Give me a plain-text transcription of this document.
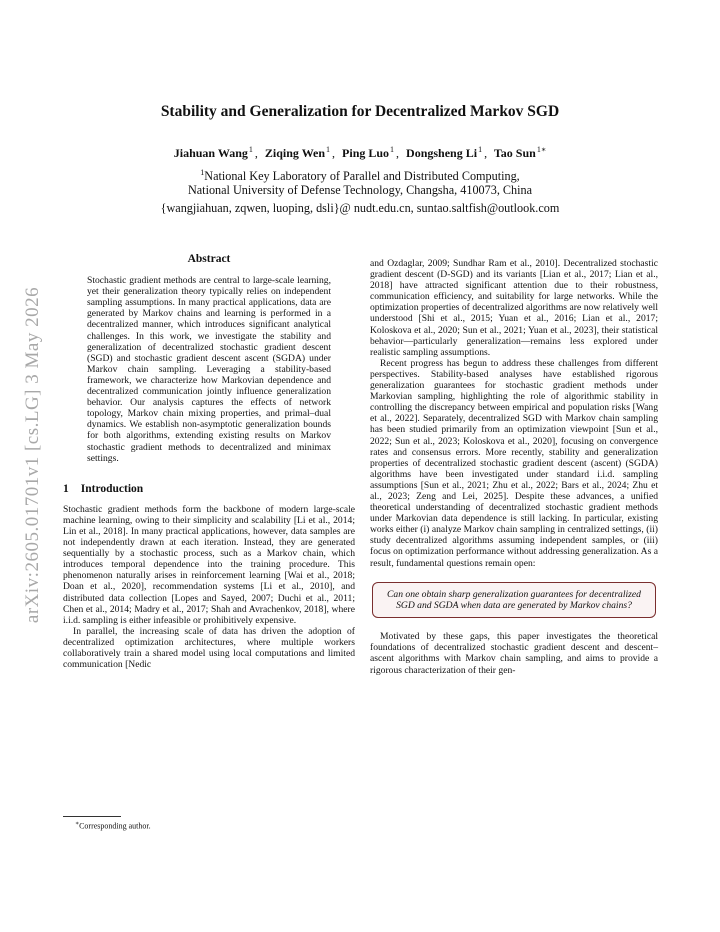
arXiv:2605.01701v1 [cs.LG] 3 May 2026
Stability and Generalization for Decentralized Markov SGD
Jiahuan Wang$^1$ , Ziqing Wen$^1$ , Ping Luo$^1$ , Dongsheng Li$^1$ , Tao Sun$^{1∗}$
$^1$National Key Laboratory of Parallel and Distributed Computing,
National University of Defense Technology, Changsha, 410073, China
{wangjiahuan, zqwen, luoping, dsli}@ nudt.edu.cn, suntao.saltfish@outlook.com
Abstract

Stochastic gradient methods are central to large-scale learning, yet their generalization theory typically relies on independent sampling assumptions. In many practical applications, data are generated by Markov chains and learning is performed in a decentralized manner, which introduces significant analytical challenges. In this work, we investigate the stability and generalization of decentralized stochastic gradient descent (SGD) and stochastic gradient descent ascent (SGDA) under Markov chain sampling. Leveraging a stability-based framework, we characterize how Markovian dependence and decentralized communication jointly influence generalization behavior. Our analysis captures the effects of network topology, Markov chain mixing properties, and primal–dual dynamics. We establish non-asymptotic generalization bounds for both algorithms, extending existing results on Markov stochastic gradient methods to decentralized and minimax settings.

1 Introduction

Stochastic gradient methods form the backbone of modern large-scale machine learning, owing to their simplicity and scalability [Li et al., 2014; Lin et al., 2018]. In many practical applications, however, data samples are not independently drawn at each iteration. Instead, they are generated sequentially by a stochastic process, such as a Markov chain, which introduces temporal dependence into the training procedure. This phenomenon naturally arises in reinforcement learning [Wai et al., 2018; Doan et al., 2020], recommendation systems [Li et al., 2010], and distributed data collection [Lopes and Sayed, 2007; Duchi et al., 2011; Chen et al., 2014; Madry et al., 2017; Shah and Avrachenkov, 2018], where i.i.d. sampling is either infeasible or prohibitively expensive.

In parallel, the increasing scale of data has driven the adoption of decentralized optimization architectures, where multiple workers collaboratively train a shared model using local computations and limited communication [Nedic

∗Corresponding author.

and Ozdaglar, 2009; Sundhar Ram et al., 2010]. Decentralized stochastic gradient descent (D-SGD) and its variants [Lian et al., 2017; Lian et al., 2018] have attracted significant attention due to their robustness, communication efficiency, and suitability for large networks. While the optimization properties of decentralized algorithms are now relatively well understood [Shi et al., 2015; Yuan et al., 2016; Lian et al., 2017; Koloskova et al., 2020; Sun et al., 2021; Yuan et al., 2023], their statistical behavior—particularly generalization—remains less explored under realistic sampling assumptions.

Recent progress has begun to address these challenges from different perspectives. Stability-based analyses have established rigorous generalization guarantees for stochastic gradient methods under Markovian sampling, highlighting the role of algorithmic stability in controlling the discrepancy between empirical and population risks [Wang et al., 2022]. Separately, decentralized SGD with Markov chain sampling has been studied primarily from an optimization viewpoint [Sun et al., 2022; Sun et al., 2023; Koloskova et al., 2020], focusing on convergence rates and consensus errors. More recently, stability and generalization properties of decentralized stochastic gradient descent (ascent) (SGDA) algorithms have been investigated under standard i.i.d. sampling assumptions [Sun et al., 2021; Zhu et al., 2022; Bars et al., 2024; Zhu et al., 2023; Zeng and Lei, 2025]. Despite these advances, a unified theoretical understanding of decentralized stochastic gradient methods under Markovian data dependence is still lacking. In particular, existing works either (i) analyze Markov chain sampling in centralized settings, (ii) study decentralized algorithms assuming independent samples, or (iii) focus on optimization performance without addressing generalization. As a result, fundamental questions remain open:

Can one obtain sharp generalization guarantees for decentralized SGD and SGDA when data are generated by Markov chains?

Motivated by these gaps, this paper investigates the theoretical foundations of decentralized stochastic gradient descent and descent–ascent algorithms with Markov chain sampling, and aims to provide a rigorous characterization of their gen-
